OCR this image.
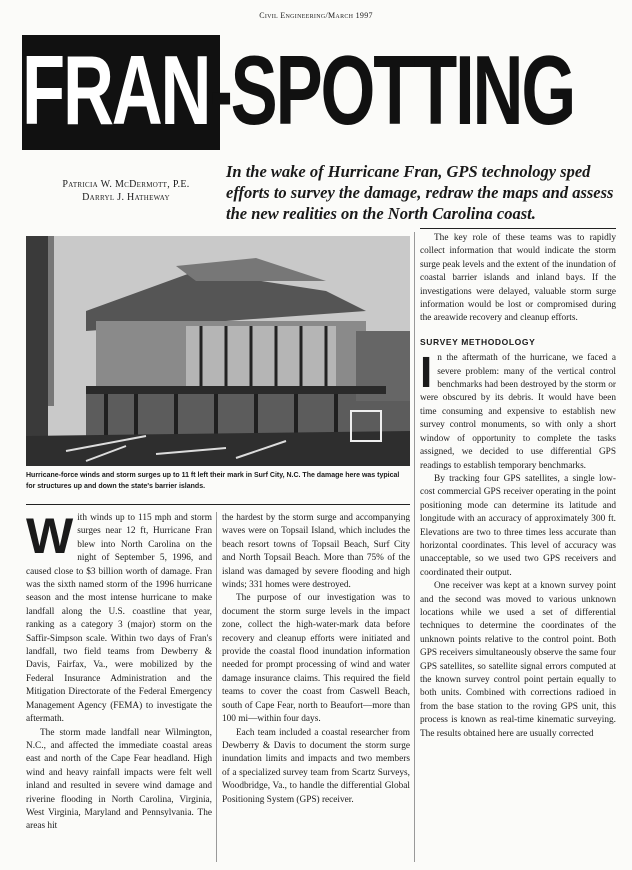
Civil Engineering/March 1997
FRAN-SPOTTING
Patricia W. McDermott, P.E.
Darryl J. Hatheway
In the wake of Hurricane Fran, GPS technology sped efforts to survey the damage, redraw the maps and assess the new realities on the North Carolina coast.
Hurricane-force winds and storm surges up to 11 ft left their mark in Surf City, N.C. The damage here was typical for structures up and down the state's barrier islands.
W ith winds up to 115 mph and storm surges near 12 ft, Hurricane Fran blew into North Carolina on the night of September 5, 1996, and caused close to $3 billion worth of damage. Fran was the sixth named storm of the 1996 hurricane season and the most intense hurricane to make landfall along the U.S. coastline that year, ranking as a category 3 (major) storm on the Saffir-Simpson scale. Within two days of Fran's landfall, two field teams from Dewberry & Davis, Fairfax, Va., were mobilized by the Federal Insurance Administration and the Mitigation Directorate of the Federal Emergency Management Agency (FEMA) to investigate the aftermath.

The storm made landfall near Wilmington, N.C., and affected the immediate coastal areas east and north of the Cape Fear headland. High wind and heavy rainfall impacts were felt well inland and resulted in severe wind damage and riverine flooding in North Carolina, Virginia, West Virginia, Maryland and Pennsylvania. The areas hit

the hardest by the storm surge and accompanying waves were on Topsail Island, which includes the beach resort towns of Topsail Beach, Surf City and North Topsail Beach. More than 75% of the island was damaged by severe flooding and high winds; 331 homes were destroyed.

The purpose of our investigation was to document the storm surge levels in the impact zone, collect the high-water-mark data before recovery and cleanup efforts were initiated and provide the coastal flood inundation information needed for prompt processing of wind and water damage insurance claims. This required the field teams to cover the coast from Caswell Beach, south of Cape Fear, north to Beaufort—more than 100 mi—within four days.

Each team included a coastal researcher from Dewberry & Davis to document the storm surge inundation limits and impacts and two members of a specialized survey team from Scartz Surveys, Woodbridge, Va., to handle the differential Global Positioning System (GPS) receiver.

The key role of these teams was to rapidly collect information that would indicate the storm surge peak levels and the extent of the inundation of coastal barrier islands and inland bays. If the investigations were delayed, valuable storm surge information would be lost or compromised during the areawide recovery and cleanup efforts.

SURVEY METHODOLOGY
I n the aftermath of the hurricane, we faced a severe problem: many of the vertical control benchmarks had been destroyed by the storm or were obscured by its debris. It would have been time consuming and expensive to establish new survey control monuments, so with only a short window of opportunity to complete the tasks assigned, we decided to use differential GPS readings to establish temporary benchmarks.

By tracking four GPS satellites, a single low-cost commercial GPS receiver operating in the point positioning mode can determine its latitude and longitude with an accuracy of approximately 300 ft. Elevations are two to three times less accurate than horizontal coordinates. This level of accuracy was unacceptable, so we used two GPS receivers and coordinated their output.

One receiver was kept at a known survey point and the second was moved to various unknown locations while we used a set of differential techniques to determine the coordinates of the unknown points relative to the control point. Both GPS receivers simultaneously observe the same four GPS satellites, so satellite signal errors computed at the known survey control point pertain equally to both units. Combined with corrections radioed in from the base station to the roving GPS unit, this process is known as real-time kinematic surveying. The results obtained here are usually corrected
